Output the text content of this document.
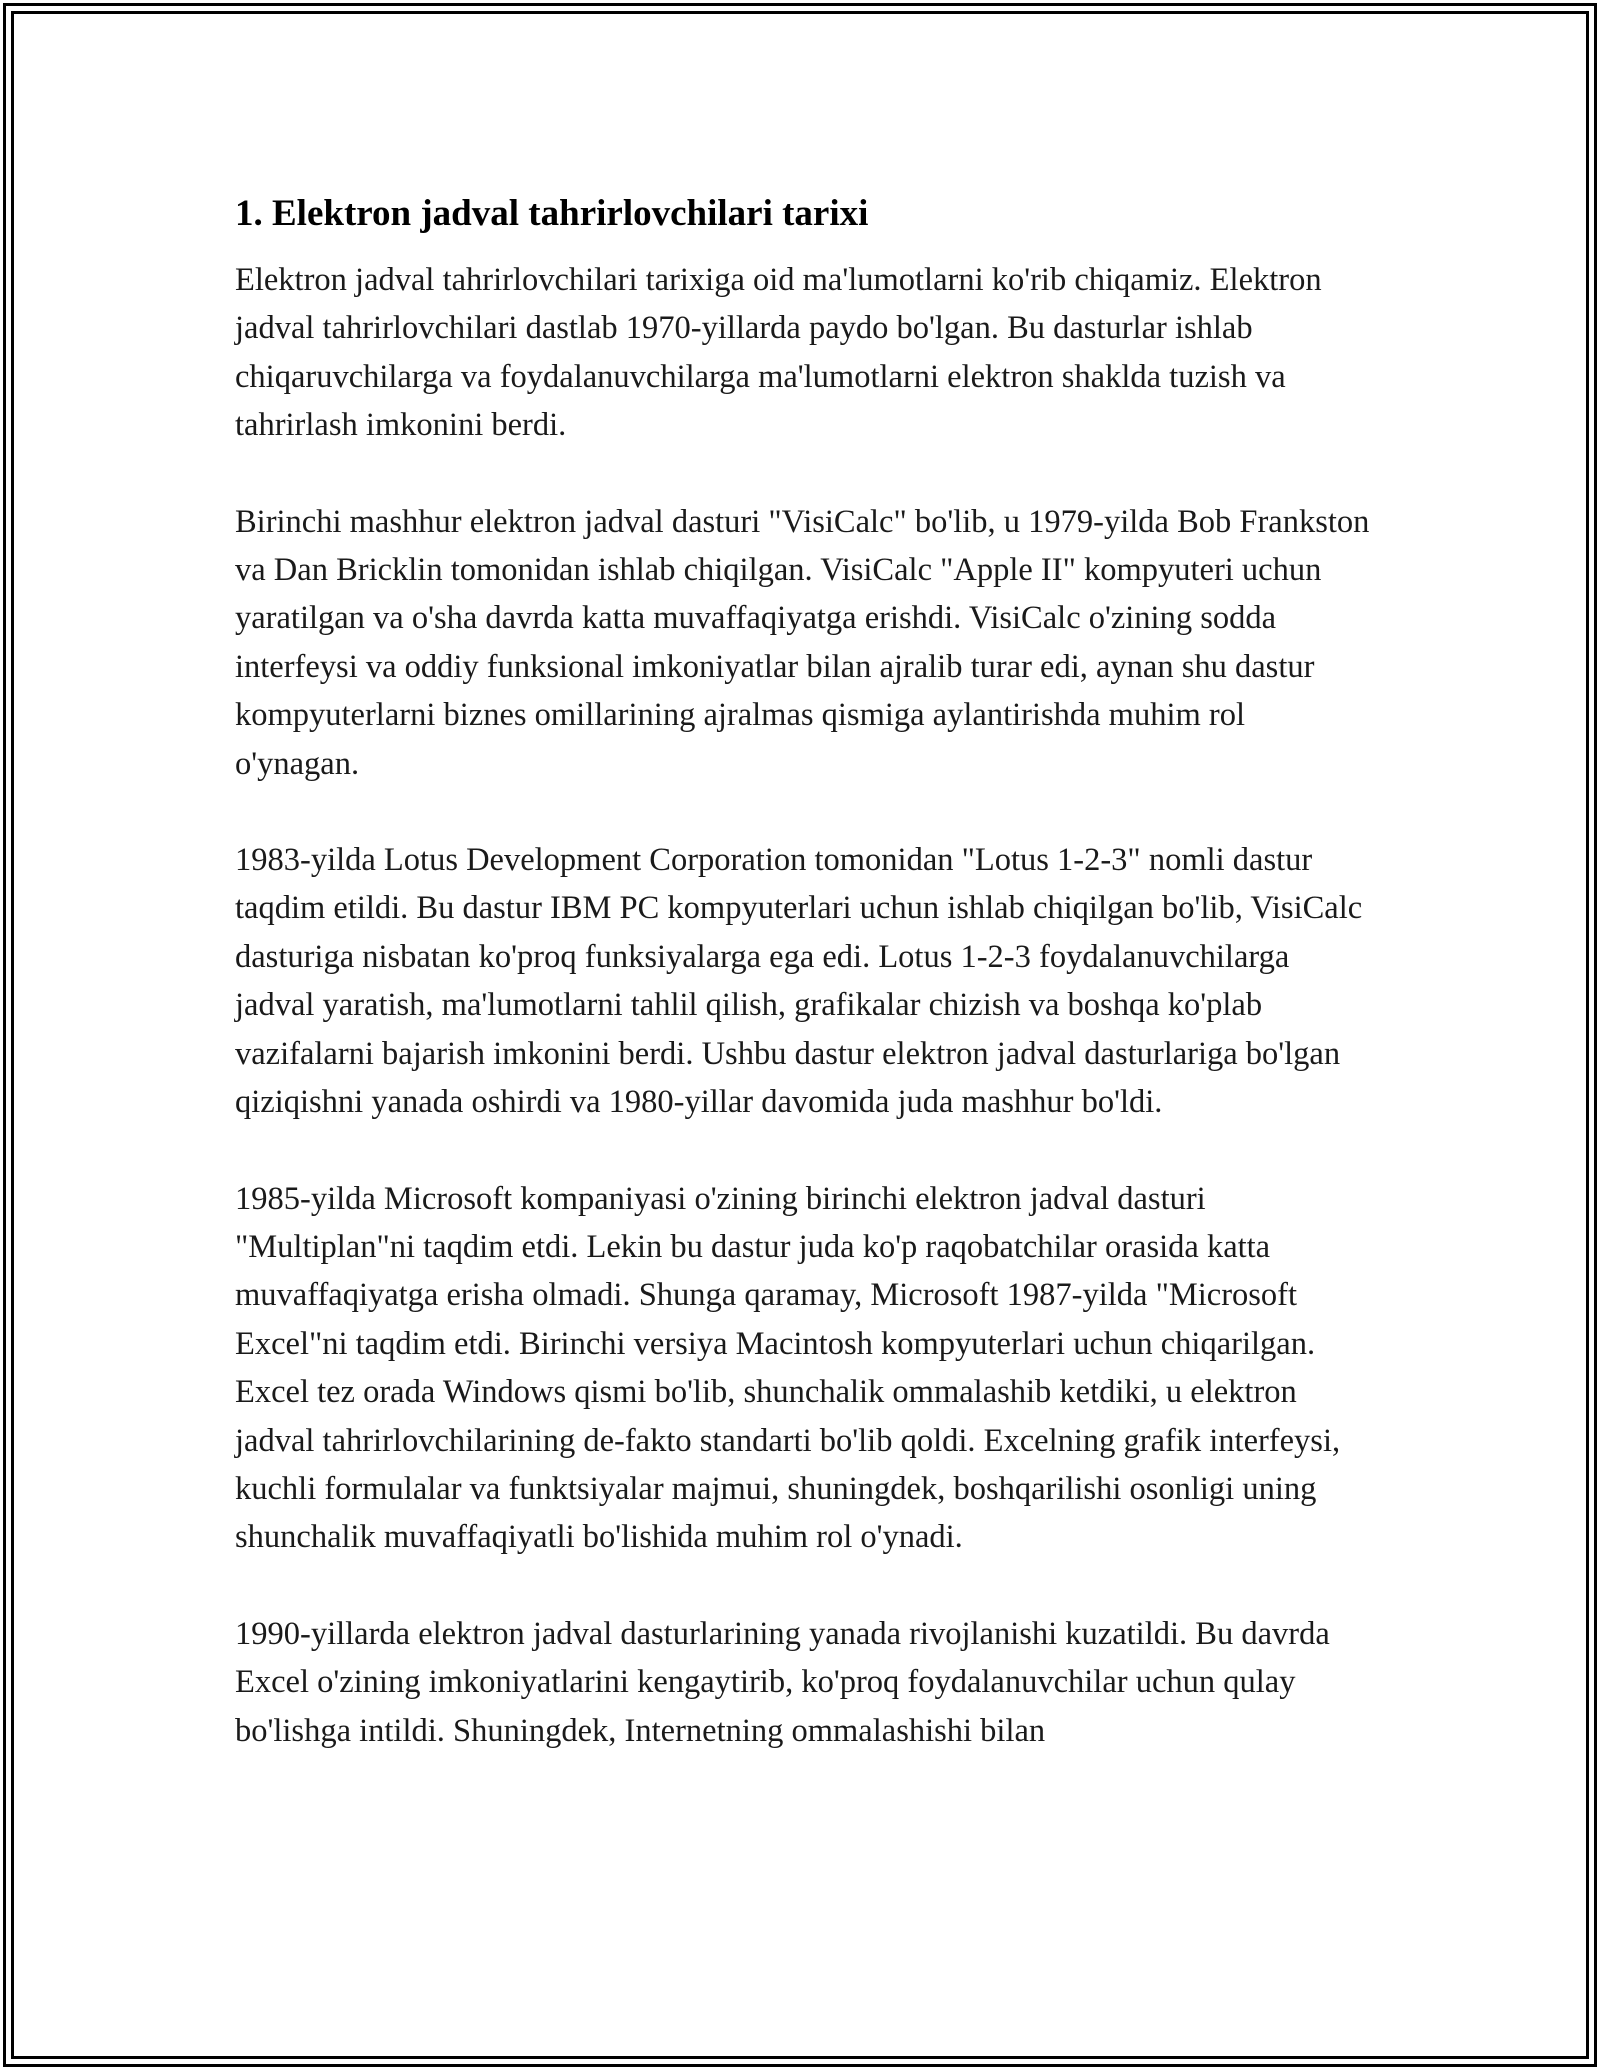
1. Elektron jadval tahrirlovchilari tarixi

Elektron jadval tahrirlovchilari tarixiga oid ma'lumotlarni ko'rib chiqamiz. Elektron jadval tahrirlovchilari dastlab 1970-yillarda paydo bo'lgan. Bu dasturlar ishlab chiqaruvchilarga va foydalanuvchilarga ma'lumotlarni elektron shaklda tuzish va tahrirlash imkonini berdi.

Birinchi mashhur elektron jadval dasturi "VisiCalc" bo'lib, u 1979-yilda Bob Frankston va Dan Bricklin tomonidan ishlab chiqilgan. VisiCalc "Apple II" kompyuteri uchun yaratilgan va o'sha davrda katta muvaffaqiyatga erishdi. VisiCalc o'zining sodda interfeysi va oddiy funksional imkoniyatlar bilan ajralib turar edi, aynan shu dastur kompyuterlarni biznes omillarining ajralmas qismiga aylantirishda muhim rol o'ynagan.

1983-yilda Lotus Development Corporation tomonidan "Lotus 1-2-3" nomli dastur taqdim etildi. Bu dastur IBM PC kompyuterlari uchun ishlab chiqilgan bo'lib, VisiCalc dasturiga nisbatan ko'proq funksiyalarga ega edi. Lotus 1-2-3 foydalanuvchilarga jadval yaratish, ma'lumotlarni tahlil qilish, grafikalar chizish va boshqa ko'plab vazifalarni bajarish imkonini berdi. Ushbu dastur elektron jadval dasturlariga bo'lgan qiziqishni yanada oshirdi va 1980-yillar davomida juda mashhur bo'ldi.

1985-yilda Microsoft kompaniyasi o'zining birinchi elektron jadval dasturi "Multiplan"ni taqdim etdi. Lekin bu dastur juda ko'p raqobatchilar orasida katta muvaffaqiyatga erisha olmadi. Shunga qaramay, Microsoft 1987-yilda "Microsoft Excel"ni taqdim etdi. Birinchi versiya Macintosh kompyuterlari uchun chiqarilgan. Excel tez orada Windows qismi bo'lib, shunchalik ommalashib ketdiki, u elektron jadval tahrirlovchilarining de-fakto standarti bo'lib qoldi. Excelning grafik interfeysi, kuchli formulalar va funktsiyalar majmui, shuningdek, boshqarilishi osonligi uning shunchalik muvaffaqiyatli bo'lishida muhim rol o'ynadi.

1990-yillarda elektron jadval dasturlarining yanada rivojlanishi kuzatildi. Bu davrda Excel o'zining imkoniyatlarini kengaytirib, ko'proq foydalanuvchilar uchun qulay bo'lishga intildi. Shuningdek, Internetning ommalashishi bilan
